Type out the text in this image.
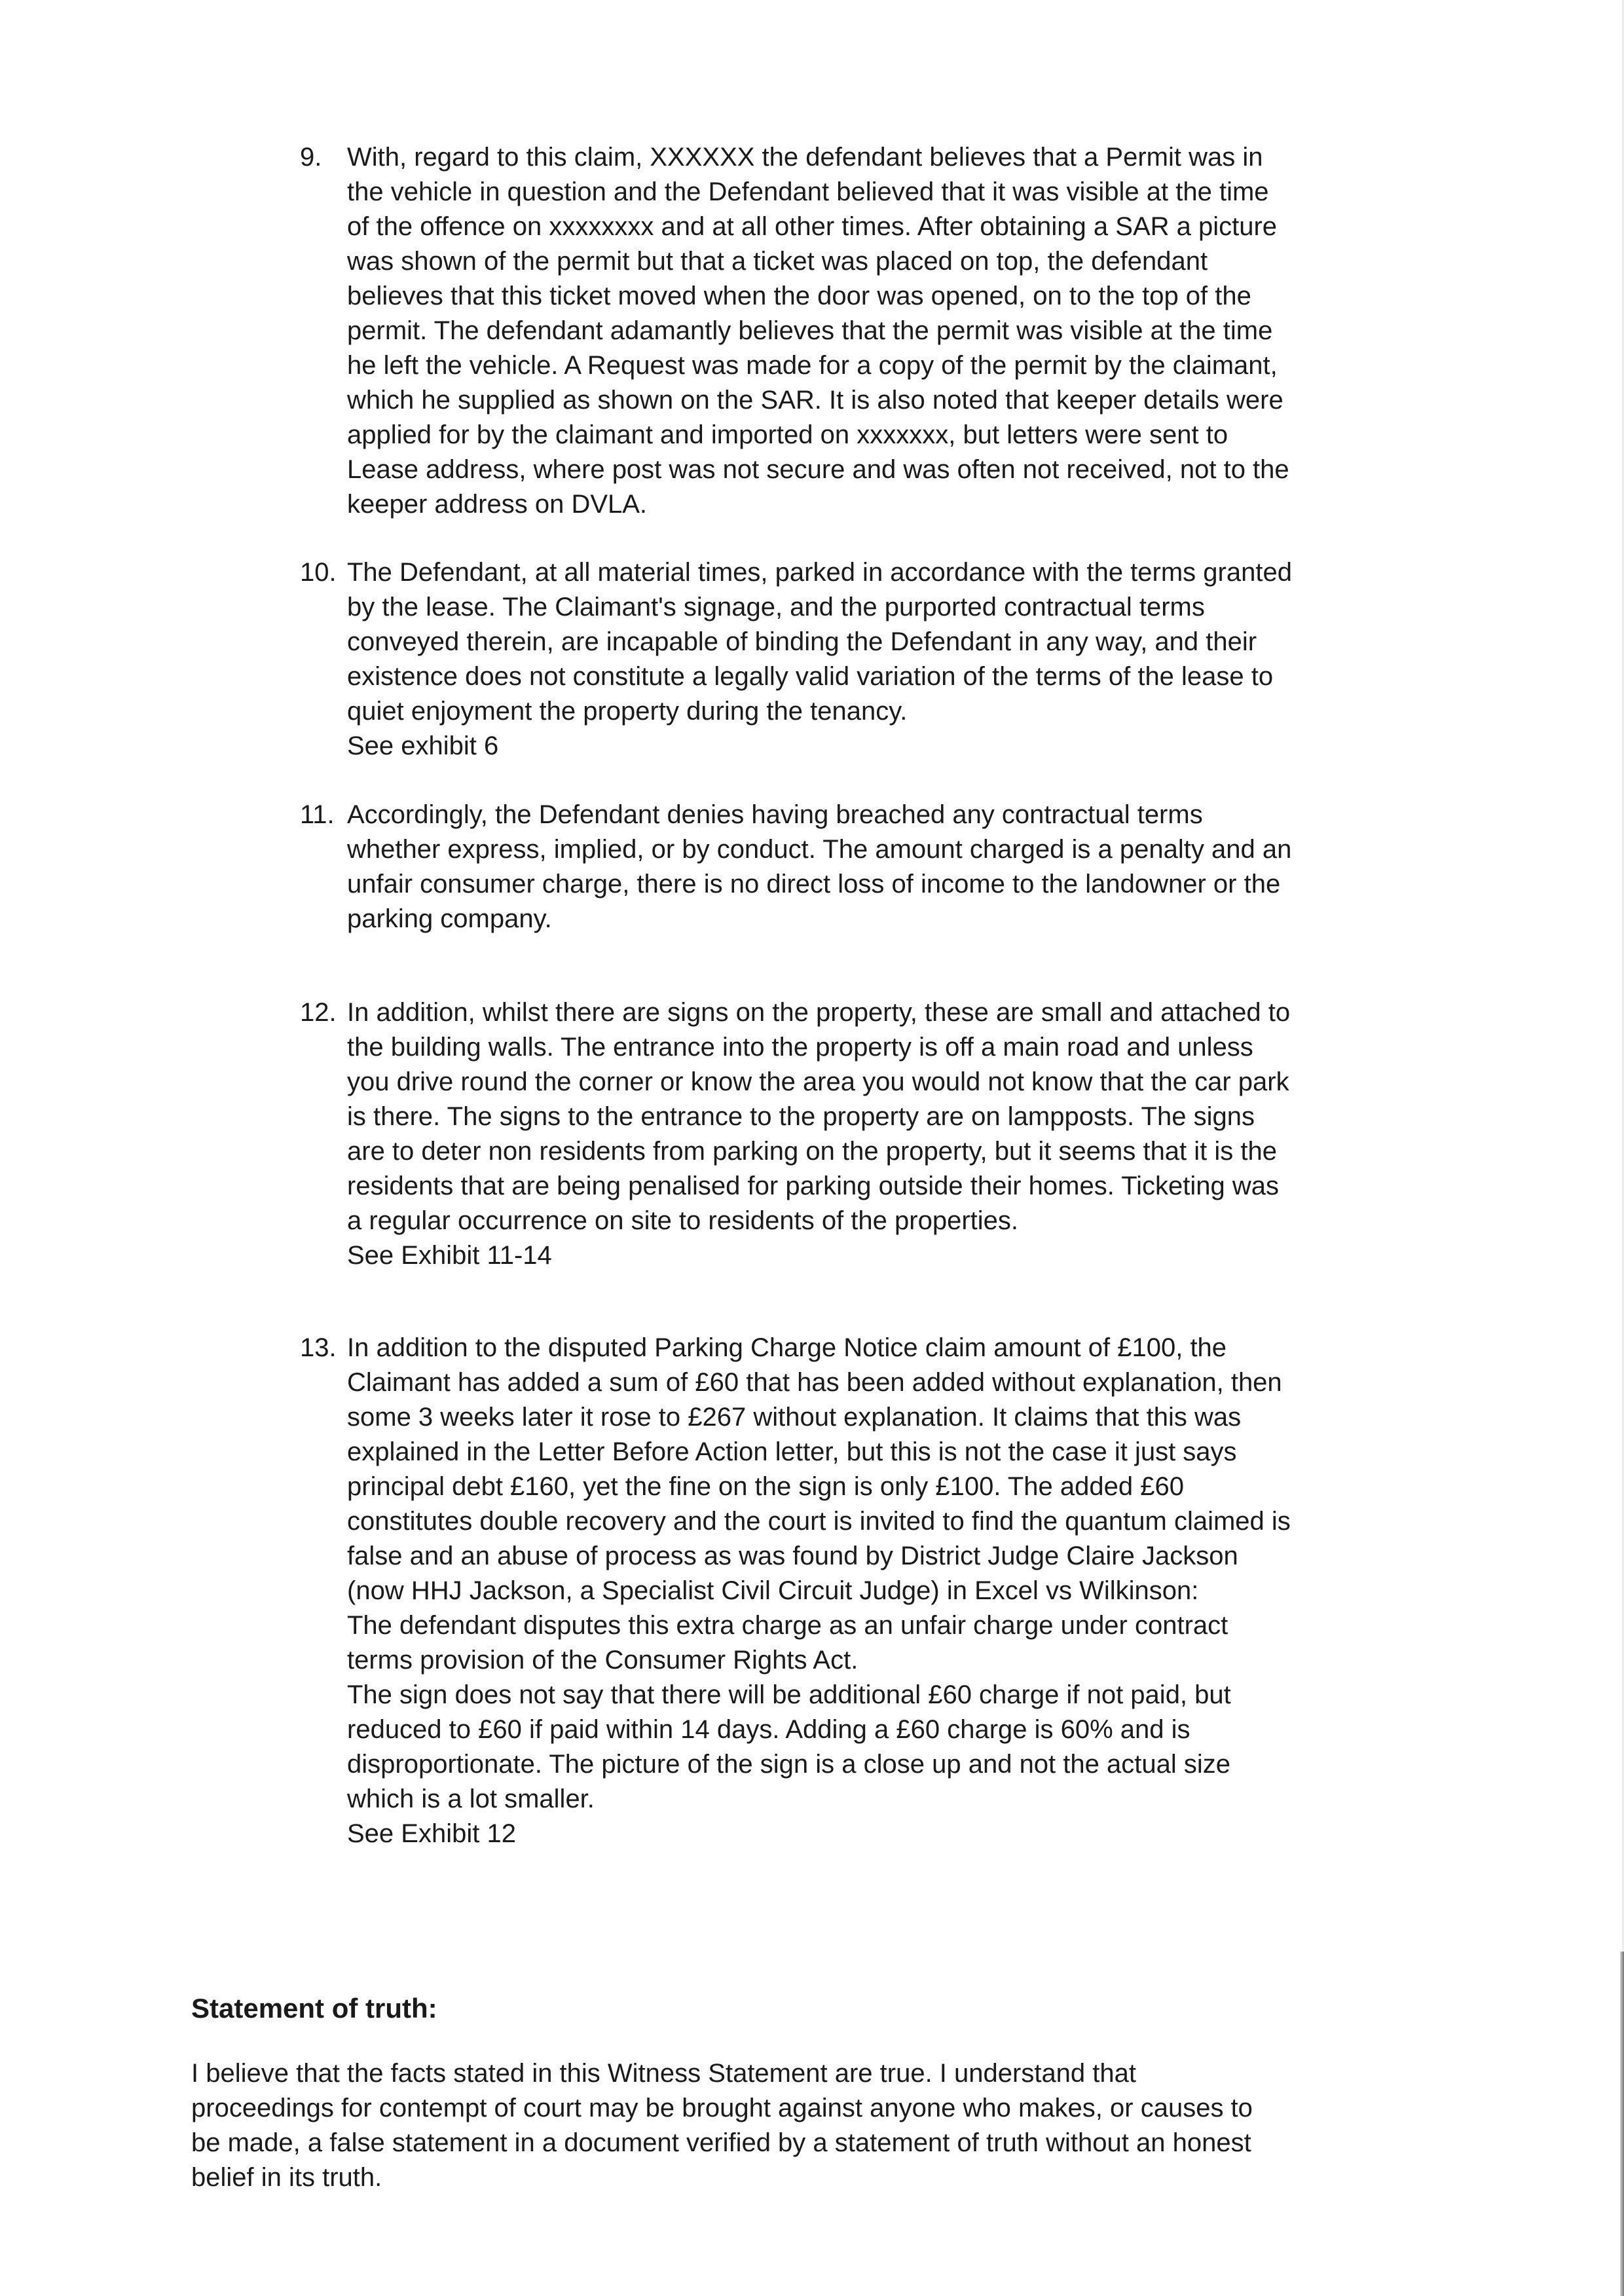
9. With, regard to this claim, XXXXXX the defendant believes that a Permit was in
the vehicle in question and the Defendant believed that it was visible at the time
of the offence on xxxxxxxx and at all other times. After obtaining a SAR a picture
was shown of the permit but that a ticket was placed on top, the defendant
believes that this ticket moved when the door was opened, on to the top of the
permit. The defendant adamantly believes that the permit was visible at the time
he left the vehicle. A Request was made for a copy of the permit by the claimant,
which he supplied as shown on the SAR. It is also noted that keeper details were
applied for by the claimant and imported on xxxxxxx, but letters were sent to
Lease address, where post was not secure and was often not received, not to the
keeper address on DVLA.

10. The Defendant, at all material times, parked in accordance with the terms granted
by the lease. The Claimant's signage, and the purported contractual terms
conveyed therein, are incapable of binding the Defendant in any way, and their
existence does not constitute a legally valid variation of the terms of the lease to
quiet enjoyment the property during the tenancy.

See exhibit 6

11. Accordingly, the Defendant denies having breached any contractual terms
whether express, implied, or by conduct. The amount charged is a penalty and an
unfair consumer charge, there is no direct loss of income to the landowner or the
parking company.

12. In addition, whilst there are signs on the property, these are small and attached to
the building walls. The entrance into the property is off a main road and unless
you drive round the corner or know the area you would not know that the car park
is there. The signs to the entrance to the property are on lampposts. The signs
are to deter non residents from parking on the property, but it seems that it is the
residents that are being penalised for parking outside their homes. Ticketing was
a regular occurrence on site to residents of the properties.

See Exhibit 11-14

13. In addition to the disputed Parking Charge Notice claim amount of £100, the
Claimant has added a sum of £60 that has been added without explanation, then
some 3 weeks later it rose to £267 without explanation. It claims that this was
explained in the Letter Before Action letter, but this is not the case it just says
principal debt £160, yet the fine on the sign is only £100. The added £60
constitutes double recovery and the court is invited to find the quantum claimed is
false and an abuse of process as was found by District Judge Claire Jackson
(now HHJ Jackson, a Specialist Civil Circuit Judge) in Excel vs Wilkinson:

The defendant disputes this extra charge as an unfair charge under contract
terms provision of the Consumer Rights Act.

The sign does not say that there will be additional £60 charge if not paid, but
reduced to £60 if paid within 14 days. Adding a £60 charge is 60% and is
disproportionate. The picture of the sign is a close up and not the actual size
which is a lot smaller.

See Exhibit 12

Statement of truth:
I believe that the facts stated in this Witness Statement are true. I understand that
proceedings for contempt of court may be brought against anyone who makes, or causes to
be made, a false statement in a document verified by a statement of truth without an honest
belief in its truth.
